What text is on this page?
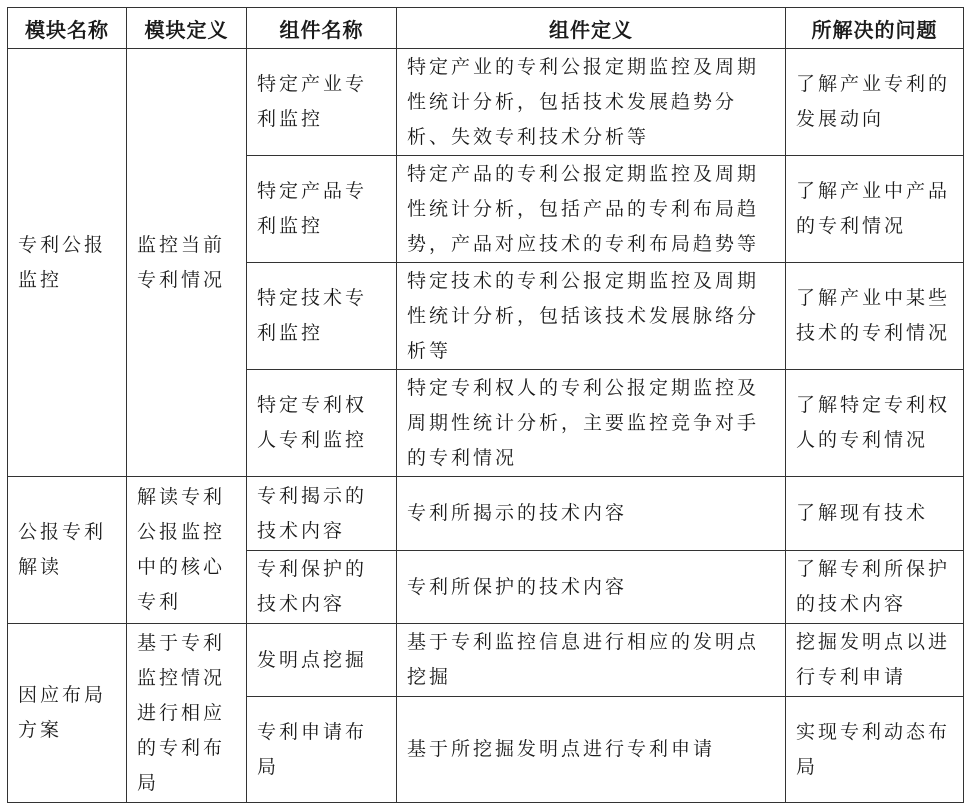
模块名称	模块定义	组件名称	组件定义	所解决的问题
专利公报监控	监控当前专利情况	特定产业专利监控	特定产业的专利公报定期监控及周期性统计分析，包括技术发展趋势分析、失效专利技术分析等	了解产业专利的发展动向
		特定产品专利监控	特定产品的专利公报定期监控及周期性统计分析，包括产品的专利布局趋势，产品对应技术的专利布局趋势等	了解产业中产品的专利情况
		特定技术专利监控	特定技术的专利公报定期监控及周期性统计分析，包括该技术发展脉络分析等	了解产业中某些技术的专利情况
		特定专利权人专利监控	特定专利权人的专利公报定期监控及周期性统计分析，主要监控竞争对手的专利情况	了解特定专利权人的专利情况
公报专利解读	解读专利公报监控中的核心专利	专利揭示的技术内容	专利所揭示的技术内容	了解现有技术
		专利保护的技术内容	专利所保护的技术内容	了解专利所保护的技术内容
因应布局方案	基于专利监控情况进行相应的专利布局	发明点挖掘	基于专利监控信息进行相应的发明点挖掘	挖掘发明点以进行专利申请
		专利申请布局	基于所挖掘发明点进行专利申请	实现专利动态布局
